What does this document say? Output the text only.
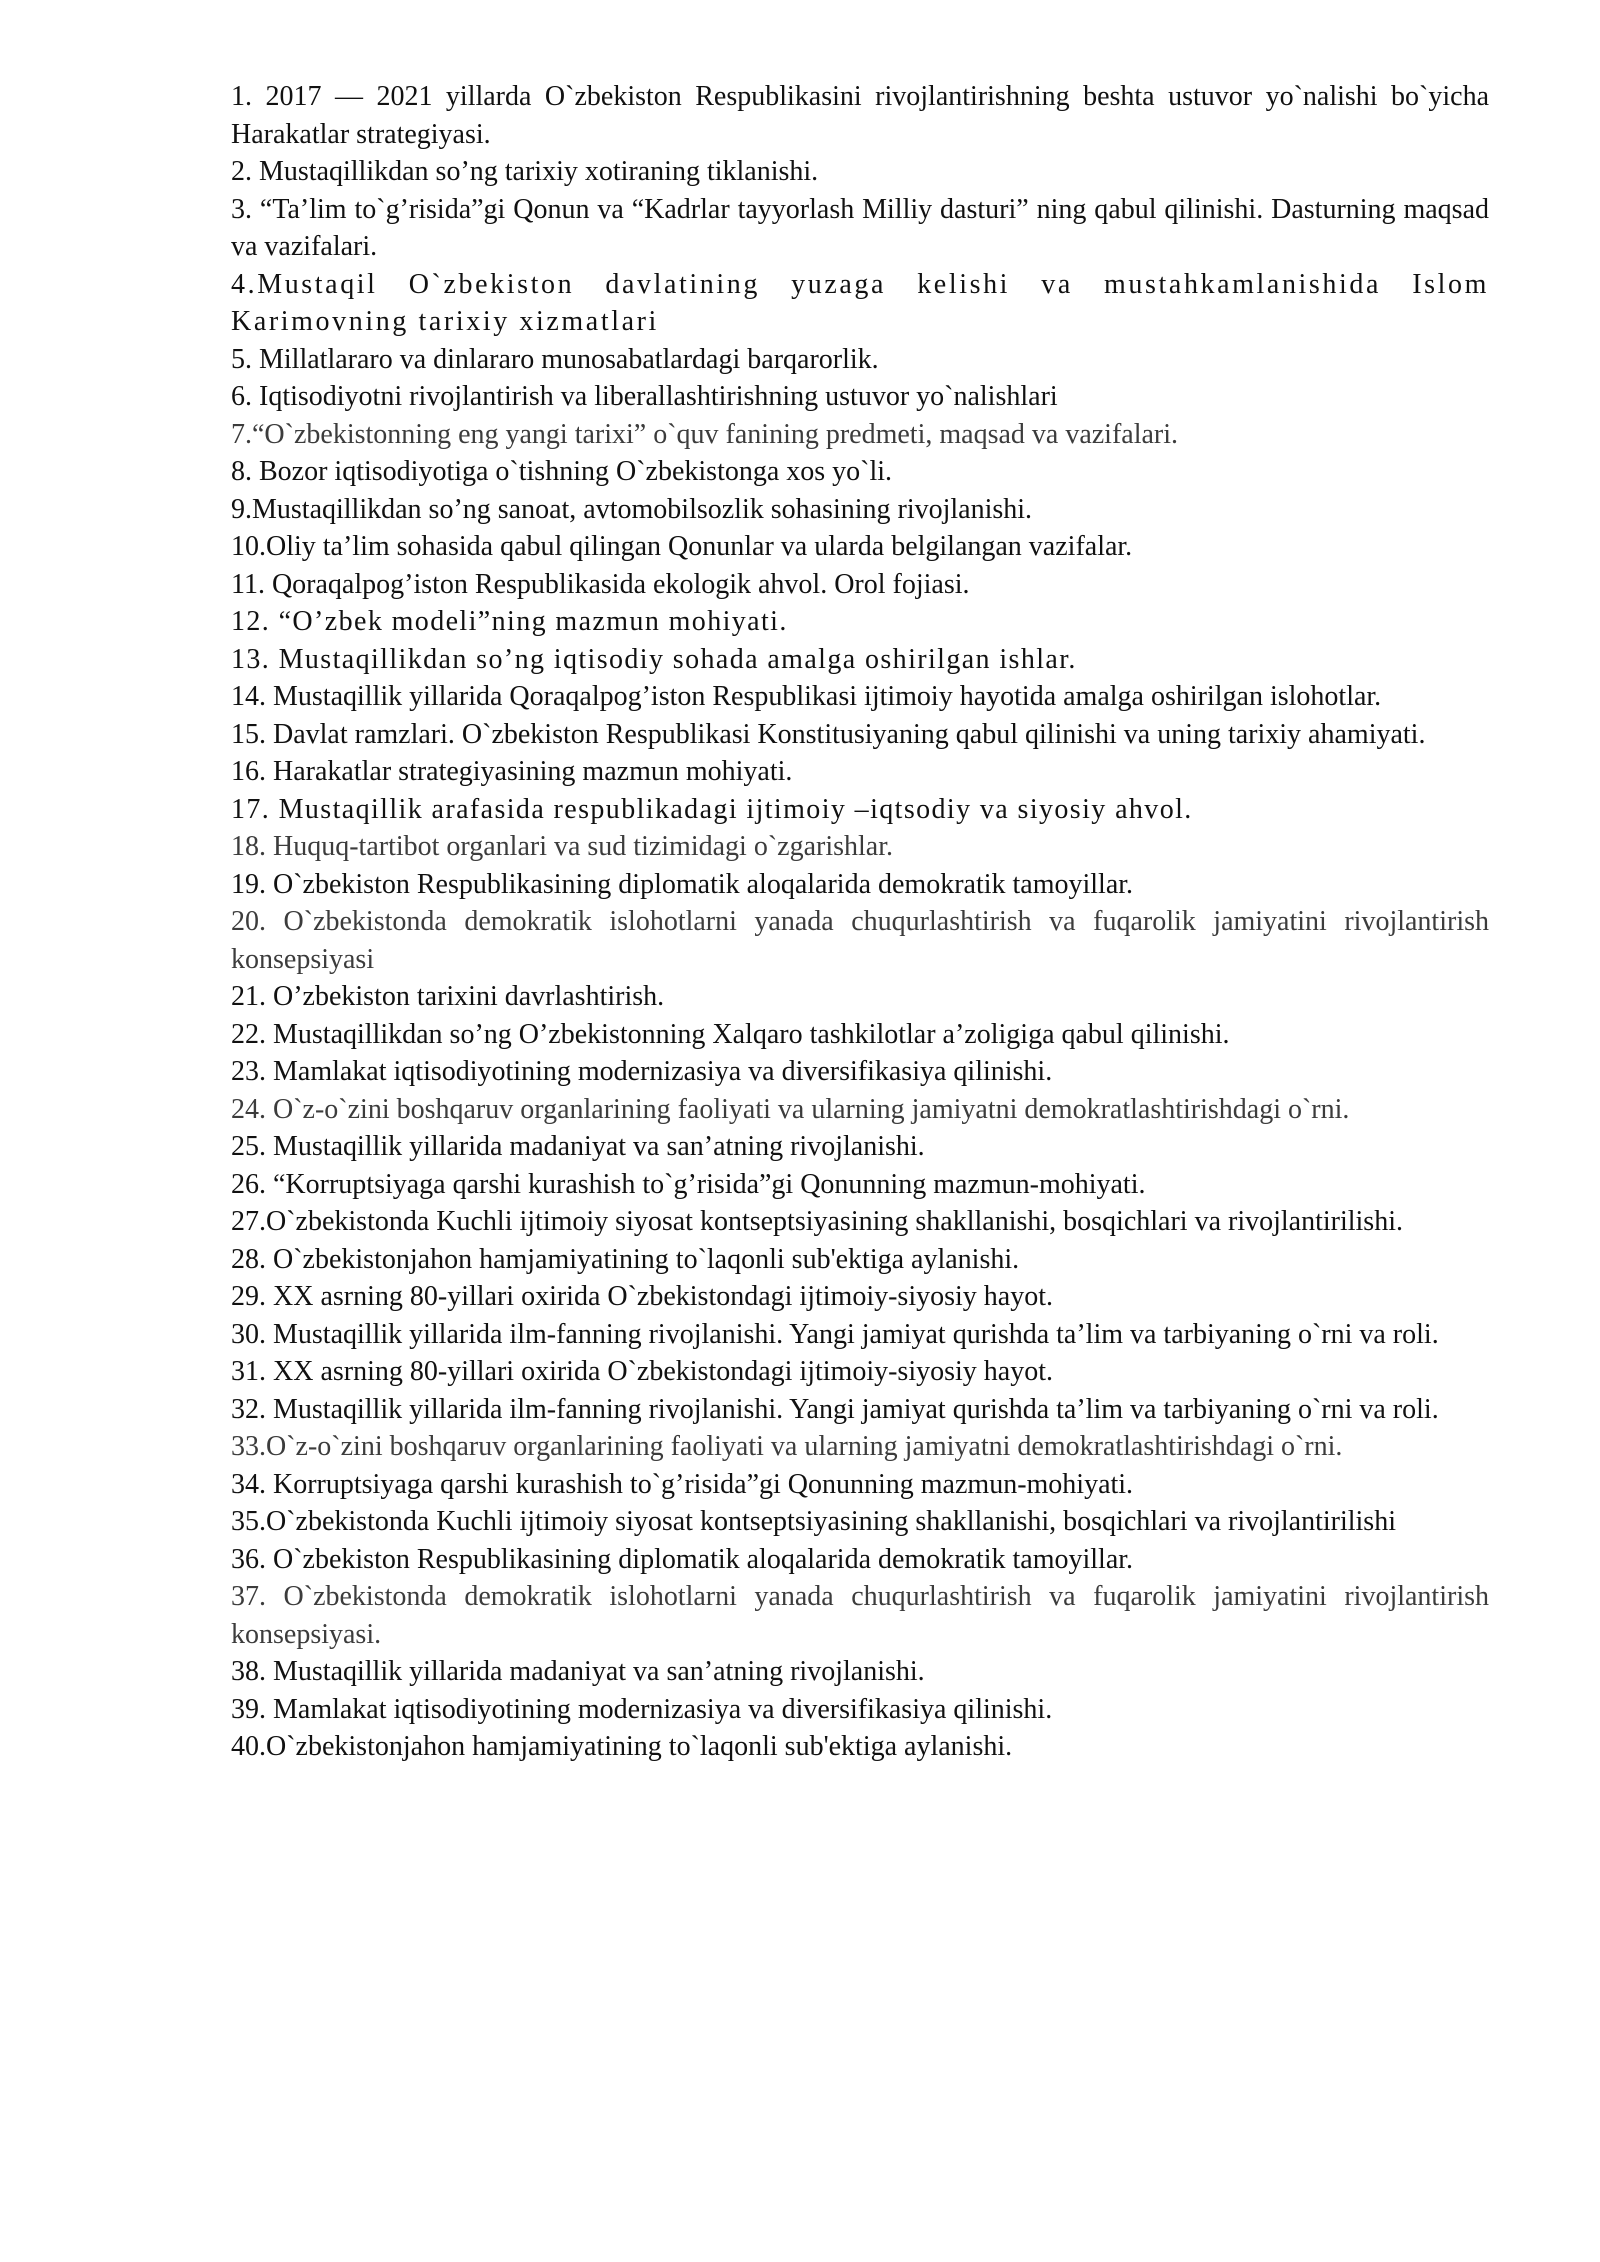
1. 2017 — 2021 yillarda O`zbekiston Respublikasini rivojlantirishning beshta ustuvor yo`nalishi bo`yicha Harakatlar strategiyasi.

2. Mustaqillikdan so’ng tarixiy xotiraning tiklanishi.

3. “Ta’lim to`g’risida”gi Qonun va “Kadrlar tayyorlash Milliy dasturi” ning qabul qilinishi. Dasturning maqsad va vazifalari.

4.Mustaqil O`zbekiston davlatining yuzaga kelishi va mustahkamlanishida Islom Karimovning tarixiy xizmatlari

5. Millatlararo va dinlararo munosabatlardagi barqarorlik.

6. Iqtisodiyotni rivojlantirish va liberallashtirishning ustuvor yo`nalishlari

7.“O`zbekistonning eng yangi tarixi” o`quv fanining predmeti, maqsad va vazifalari.

8. Bozor iqtisodiyotiga o`tishning O`zbekistonga xos yo`li.

9.Mustaqillikdan so’ng sanoat, avtomobilsozlik sohasining rivojlanishi.

10.Oliy ta’lim sohasida qabul qilingan Qonunlar va ularda belgilangan vazifalar.

11. Qoraqalpog’iston Respublikasida ekologik ahvol. Orol fojiasi.

12. “O’zbek modeli”ning mazmun mohiyati.

13. Mustaqillikdan so’ng iqtisodiy sohada amalga oshirilgan ishlar.

14. Mustaqillik yillarida Qoraqalpog’iston Respublikasi ijtimoiy hayotida amalga oshirilgan islohotlar.

15. Davlat ramzlari. O`zbekiston Respublikasi Konstitusiyaning qabul qilinishi va uning tarixiy ahamiyati.

16. Harakatlar strategiyasining mazmun mohiyati.

17. Mustaqillik arafasida respublikadagi ijtimoiy –iqtsodiy va siyosiy ahvol.

18. Huquq-tartibot organlari va sud tizimidagi o`zgarishlar.

19. O`zbekiston Respublikasining diplomatik aloqalarida demokratik tamoyillar.

20. O`zbekistonda demokratik islohotlarni yanada chuqurlashtirish va fuqarolik jamiyatini rivojlantirish konsepsiyasi

21. O’zbekiston tarixini davrlashtirish.

22. Mustaqillikdan so’ng O’zbekistonning Xalqaro tashkilotlar a’zoligiga qabul qilinishi.

23. Mamlakat iqtisodiyotining modernizasiya va diversifikasiya qilinishi.

24. O`z-o`zini boshqaruv organlarining faoliyati va ularning jamiyatni demokratlashtirishdagi o`rni.

25. Mustaqillik yillarida madaniyat va san’atning rivojlanishi.

26. “Korruptsiyaga qarshi kurashish to`g’risida”gi Qonunning mazmun-mohiyati.

27.O`zbekistonda Kuchli ijtimoiy siyosat kontseptsiyasining shakllanishi, bosqichlari va rivojlantirilishi.

28. O`zbekistonjahon hamjamiyatining to`laqonli sub'ektiga aylanishi.

29. XX asrning 80-yillari oxirida O`zbekistondagi ijtimoiy-siyosiy hayot.

30. Mustaqillik yillarida ilm-fanning rivojlanishi. Yangi jamiyat qurishda ta’lim va tarbiyaning o`rni va roli.

31. XX asrning 80-yillari oxirida O`zbekistondagi ijtimoiy-siyosiy hayot.

32. Mustaqillik yillarida ilm-fanning rivojlanishi. Yangi jamiyat qurishda ta’lim va tarbiyaning o`rni va roli.

33.O`z-o`zini boshqaruv organlarining faoliyati va ularning jamiyatni demokratlashtirishdagi o`rni.

34. Korruptsiyaga qarshi kurashish to`g’risida”gi Qonunning mazmun-mohiyati.

35.O`zbekistonda Kuchli ijtimoiy siyosat kontseptsiyasining shakllanishi, bosqichlari va rivojlantirilishi

36. O`zbekiston Respublikasining diplomatik aloqalarida demokratik tamoyillar.

37. O`zbekistonda demokratik islohotlarni yanada chuqurlashtirish va fuqarolik jamiyatini rivojlantirish konsepsiyasi.

38. Mustaqillik yillarida madaniyat va san’atning rivojlanishi.

39. Mamlakat iqtisodiyotining modernizasiya va diversifikasiya qilinishi.

40.O`zbekistonjahon hamjamiyatining to`laqonli sub'ektiga aylanishi.
